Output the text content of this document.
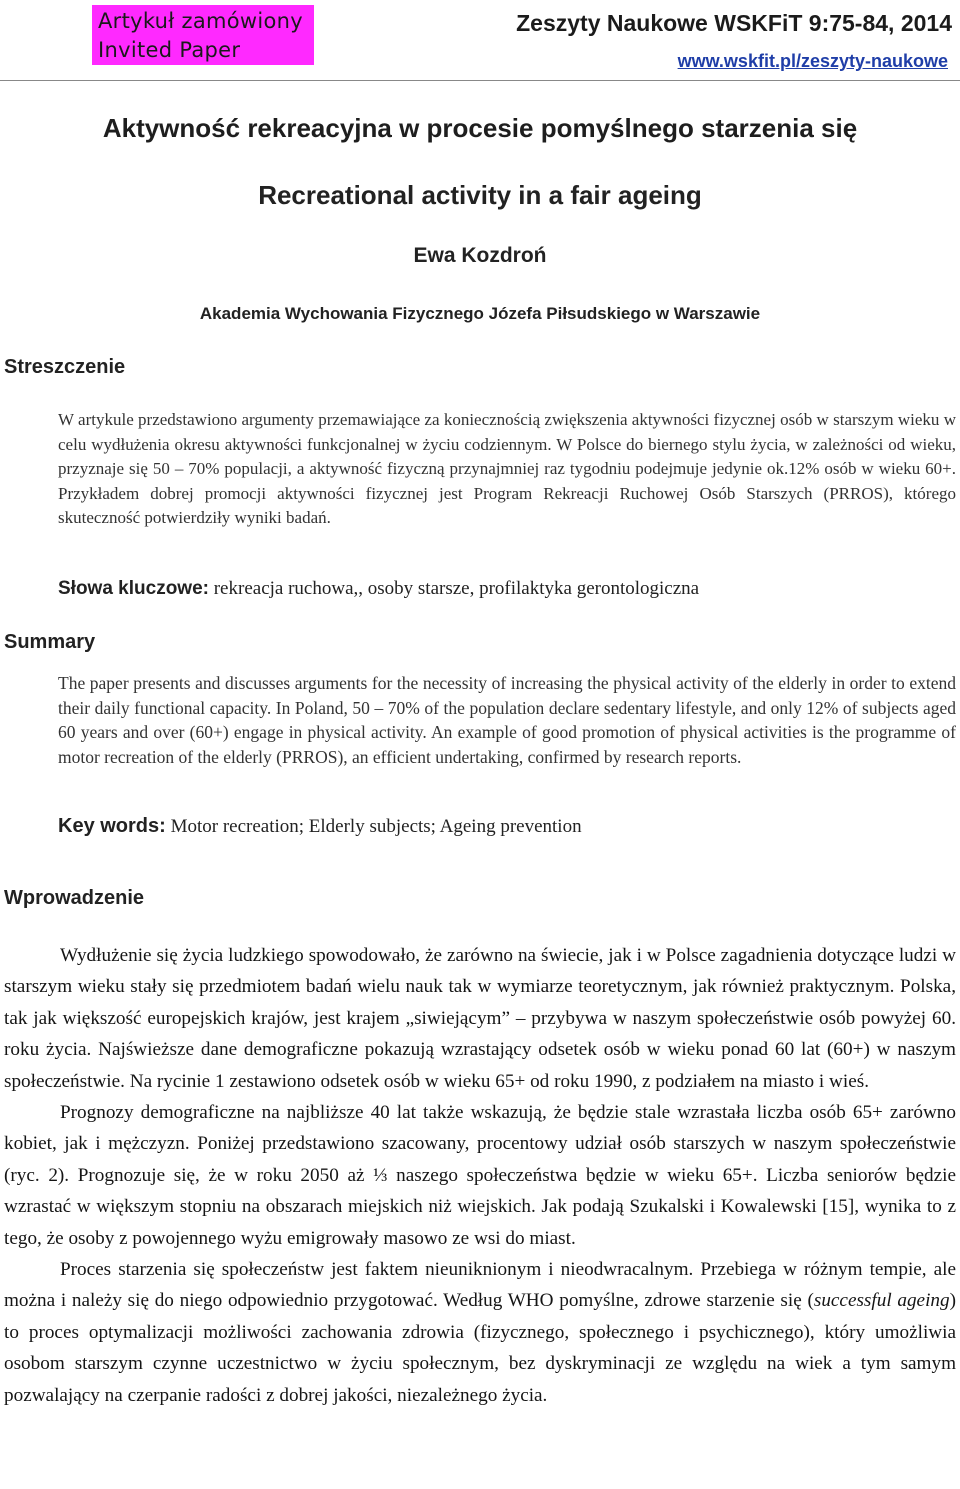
Artykuł zamówiony
Invited Paper
Zeszyty Naukowe WSKFiT 9:75-84, 2014
www.wskfit.pl/zeszyty-naukowe
Aktywność rekreacyjna w procesie pomyślnego starzenia się
Recreational activity in a fair ageing
Ewa Kozdroń
Akademia Wychowania Fizycznego Józefa Piłsudskiego w Warszawie
Streszczenie

W artykule przedstawiono argumenty przemawiające za koniecznością zwiększenia aktywności fizycznej osób w starszym wieku w celu wydłużenia okresu aktywności funkcjonalnej w życiu codziennym. W Polsce do biernego stylu życia, w zależności od wieku, przyznaje się 50 – 70% populacji, a aktywność fizyczną przynajmniej raz tygodniu podejmuje jedynie ok.12% osób w wieku 60+. Przykładem dobrej promocji aktywności fizycznej jest Program Rekreacji Ruchowej Osób Starszych (PRROS), którego skuteczność potwierdziły wyniki badań.

Słowa kluczowe: rekreacja ruchowa,, osoby starsze, profilaktyka gerontologiczna
Summary

The paper presents and discusses arguments for the necessity of increasing the physical activity of the elderly in order to extend their daily functional capacity. In Poland, 50 – 70% of the population declare sedentary lifestyle, and only 12% of subjects aged 60 years and over (60+) engage in physical activity. An example of good promotion of physical activities is the programme of motor recreation of the elderly (PRROS), an efficient undertaking, confirmed by research reports.

Key words: Motor recreation; Elderly subjects; Ageing prevention
Wprowadzenie

Wydłużenie się życia ludzkiego spowodowało, że zarówno na świecie, jak i w Polsce zagadnienia dotyczące ludzi w starszym wieku stały się przedmiotem badań wielu nauk tak w wymiarze teoretycznym, jak również praktycznym. Polska, tak jak większość europejskich krajów, jest krajem „siwiejącym” – przybywa w naszym społeczeństwie osób powyżej 60. roku życia. Najświeższe dane demograficzne pokazują wzrastający odsetek osób w wieku ponad 60 lat (60+) w naszym społeczeństwie. Na rycinie 1 zestawiono odsetek osób w wieku 65+ od roku 1990, z podziałem na miasto i wieś.

Prognozy demograficzne na najbliższe 40 lat także wskazują, że będzie stale wzrastała liczba osób 65+ zarówno kobiet, jak i mężczyzn. Poniżej przedstawiono szacowany, procentowy udział osób starszych w naszym społeczeństwie (ryc. 2). Prognozuje się, że w roku 2050 aż ⅓ naszego społeczeństwa będzie w wieku 65+. Liczba seniorów będzie wzrastać w większym stopniu na obszarach miejskich niż wiejskich. Jak podają Szukalski i Kowalewski [15], wynika to z tego, że osoby z powojennego wyżu emigrowały masowo ze wsi do miast.

Proces starzenia się społeczeństw jest faktem nieuniknionym i nieodwracalnym. Przebiega w różnym tempie, ale można i należy się do niego odpowiednio przygotować. Według WHO pomyślne, zdrowe starzenie się (successful ageing) to proces optymalizacji możliwości zachowania zdrowia (fizycznego, społecznego i psychicznego), który umożliwia osobom starszym czynne uczestnictwo w życiu społecznym, bez dyskryminacji ze względu na wiek a tym samym pozwalający na czerpanie radości z dobrej jakości, niezależnego życia.
